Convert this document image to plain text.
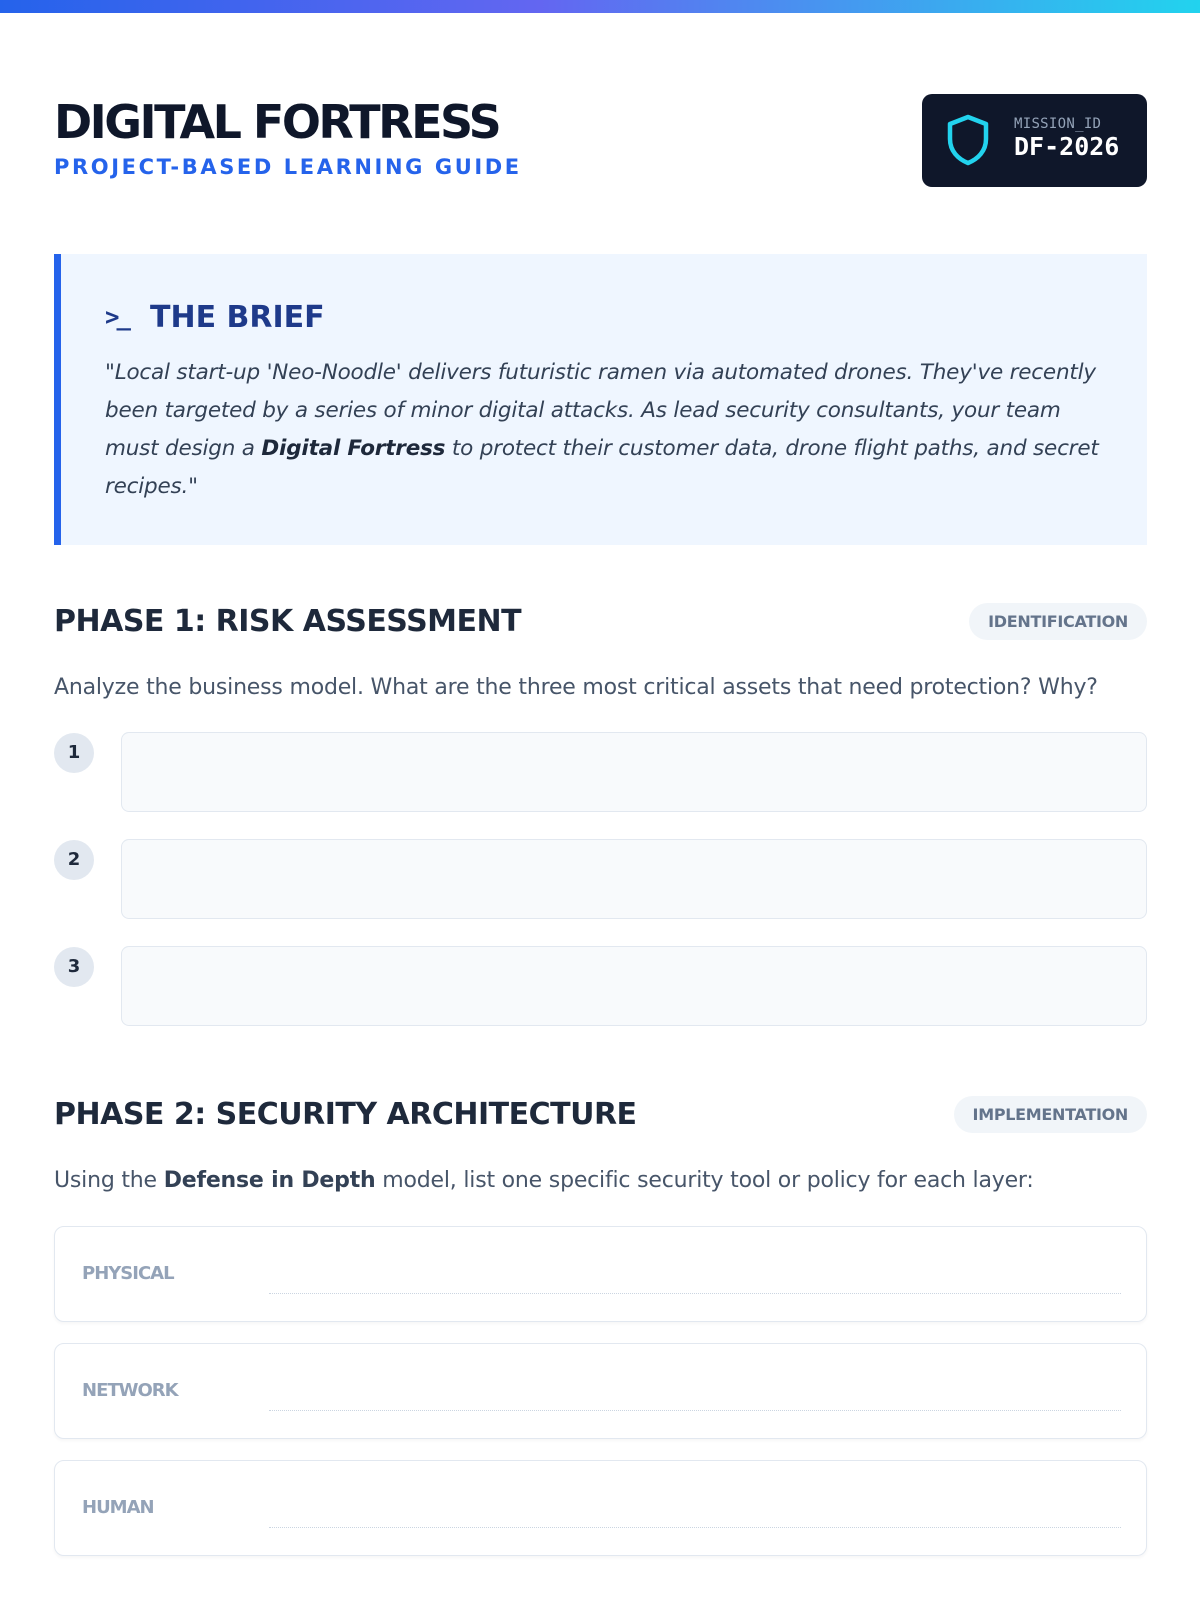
DIGITAL FORTRESS
PROJECT-BASED LEARNING GUIDE
MISSION_ID
DF-2026
>_ THE BRIEF

"Local start-up 'Neo-Noodle' delivers futuristic ramen via automated drones. They've recently been targeted by a series of minor digital attacks. As lead security consultants, your team must design a Digital Fortress to protect their customer data, drone flight paths, and secret recipes."

PHASE 1: RISK ASSESSMENT	IDENTIFICATION
Analyze the business model. What are the three most critical assets that need protection? Why?
1
2
3
PHASE 2: SECURITY ARCHITECTURE	IMPLEMENTATION
Using the Defense in Depth model, list one specific security tool or policy for each layer:
PHYSICAL
NETWORK
HUMAN
